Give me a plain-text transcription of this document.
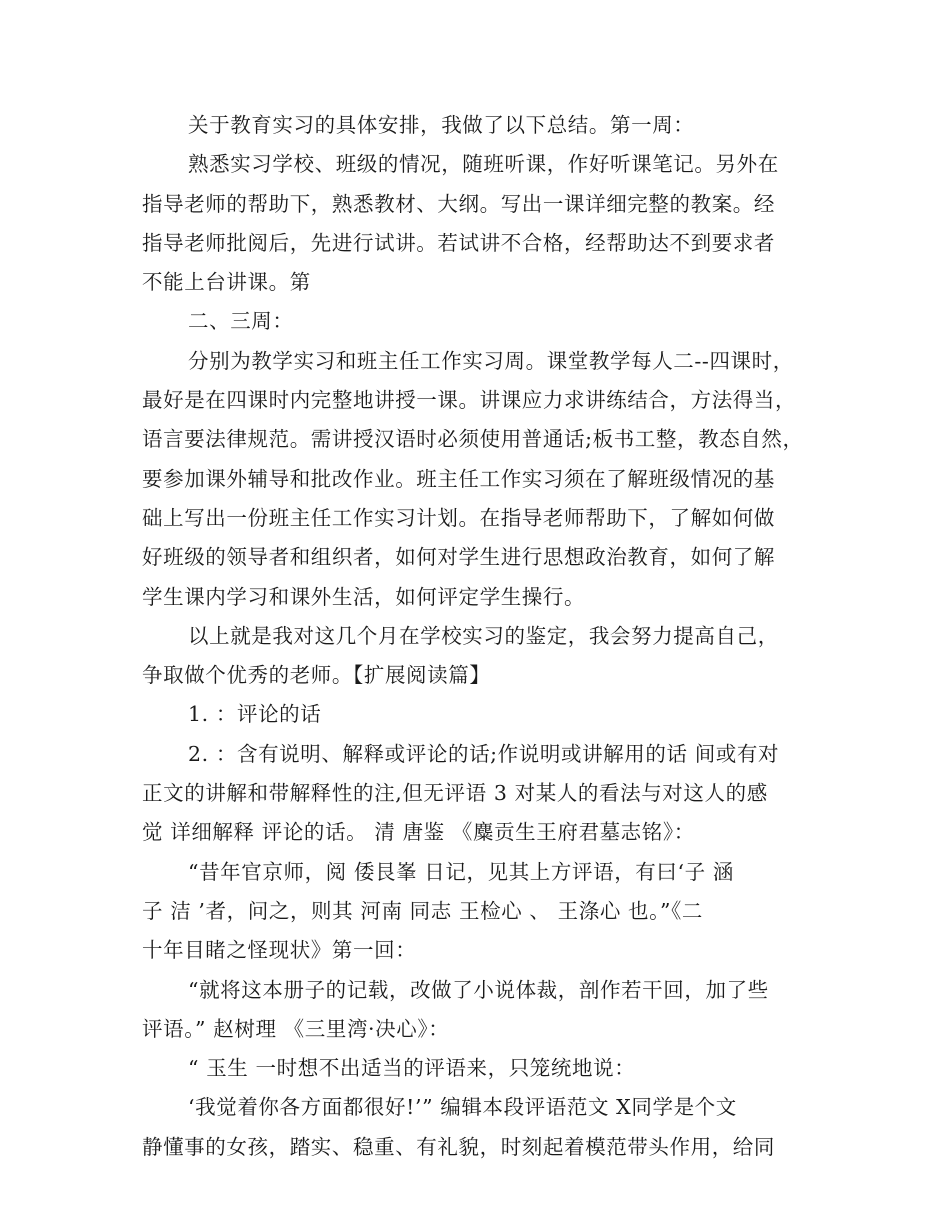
关于教育实习的具体安排，我做了以下总结。第一周：
熟悉实习学校、班级的情况，随班听课，作好听课笔记。另外在
指导老师的帮助下，熟悉教材、大纲。写出一课详细完整的教案。经
指导老师批阅后，先进行试讲。若试讲不合格，经帮助达不到要求者
不能上台讲课。第
二、三周：
分别为教学实习和班主任工作实习周。课堂教学每人二--四课时，
最好是在四课时内完整地讲授一课。讲课应力求讲练结合，方法得当，
语言要法律规范。需讲授汉语时必须使用普通话;板书工整，教态自然，
要参加课外辅导和批改作业。班主任工作实习须在了解班级情况的基
础上写出一份班主任工作实习计划。在指导老师帮助下，了解如何做
好班级的领导者和组织者，如何对学生进行思想政治教育，如何了解
学生课内学习和课外生活，如何评定学生操行。
以上就是我对这几个月在学校实习的鉴定，我会努力提高自己，
争取做个优秀的老师。【扩展阅读篇】
1. ：评论的话
2. ：含有说明、解释或评论的话;作说明或讲解用的话 间或有对
正文的讲解和带解释性的注,但无评语 3 对某人的看法与对这人的感
觉 详细解释 评论的话。 清 唐鉴 《麋贡生王府君墓志铭》：
“昔年官京师，阅 倭艮峯 日记，见其上方评语，有曰‘子 涵
子 洁 ’者，问之，则其 河南 同志 王检心 、 王涤心 也。”《二
十年目睹之怪现状》第一回：
“就将这本册子的记载，改做了小说体裁，剖作若干回，加了些
评语。” 赵树理 《三里湾·决心》：
“ 玉生 一时想不出适当的评语来，只笼统地说：
‘我觉着你各方面都很好!’” 编辑本段评语范文 X同学是个文
静懂事的女孩，踏实、稳重、有礼貌，时刻起着模范带头作用，给同
